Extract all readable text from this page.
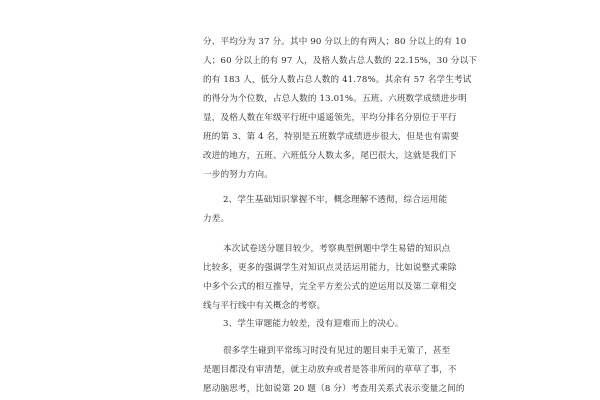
分、平均分为 37 分。其中 90 分以上的有两人；80 分以上的有 10
人；60 分以上的有 97 人，及格人数占总人数的 22.15%，30 分以下
的有 183 人，低分人数占总人数的 41.78%。其余有 57 名学生考试
的得分为个位数，占总人数的 13.01%。五班、六班数学成绩进步明
显，及格人数在年级平行班中遥遥领先，平均分排名分别位于平行
班的第 3、第 4 名，特别是五班数学成绩进步很大，但是也有需要
改进的地方，五班、六班低分人数太多，尾巴很大，这就是我们下
一步的努力方向。
2、学生基础知识掌握不牢，概念理解不透彻，综合运用能
力差。
本次试卷送分题目较少，考察典型例题中学生易错的知识点
比较多，更多的强调学生对知识点灵活运用能力，比如说整式乘除
中多个公式的相互推导，完全平方差公式的逆运用以及第二章相交
线与平行线中有关概念的考察。
3、学生审题能力较差，没有迎难而上的决心。
很多学生碰到平常练习时没有见过的题目束手无策了，甚至
是题目都没有审清楚，就主动放弃或者是答非所问的草草了事，不
愿动脑思考，比如说第 20 题（8 分）考查用关系式表示变量之间的
